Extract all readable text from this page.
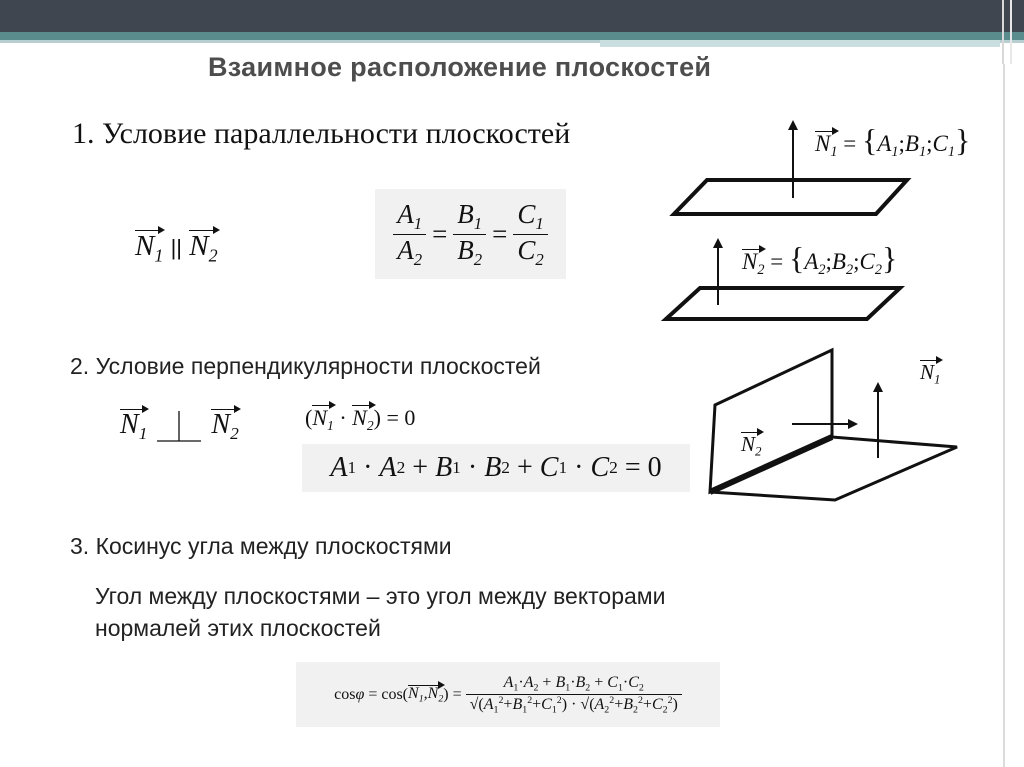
Взаимное расположение плоскостей
1. Условие параллельности плоскостей
$N_1$ || $N_2$	$\frac{A_1}{A_2} = \frac{B_1}{B_2} = \frac{C_1}{C_2}$
$N_1$ = $\{A_1;B_1;C_1\}$
$N_2$ = $\{A_2;B_2;C_2\}$
2. Условие перпендикулярности плоскостей
$N_1$ $N_2$
$(N_1 \cdot N_2) = 0$
A 1 · A 2 + B 1 · B 2 + C 1 · C 2 = 0
$N_1$
$N_2$
3. Косинус угла между плоскостями
Угол между плоскостями – это угол между векторами
нормалей этих плоскостей
cos φ = cos( $N_1,N_2$ ) = $\frac{A_1\cdot A_2 + B_1\cdot B_2 + C_1\cdot C_2}{√(A_1^2+B_1^2+C_1^2) \cdot √(A_2^2+B_2^2+C_2^2)}$
